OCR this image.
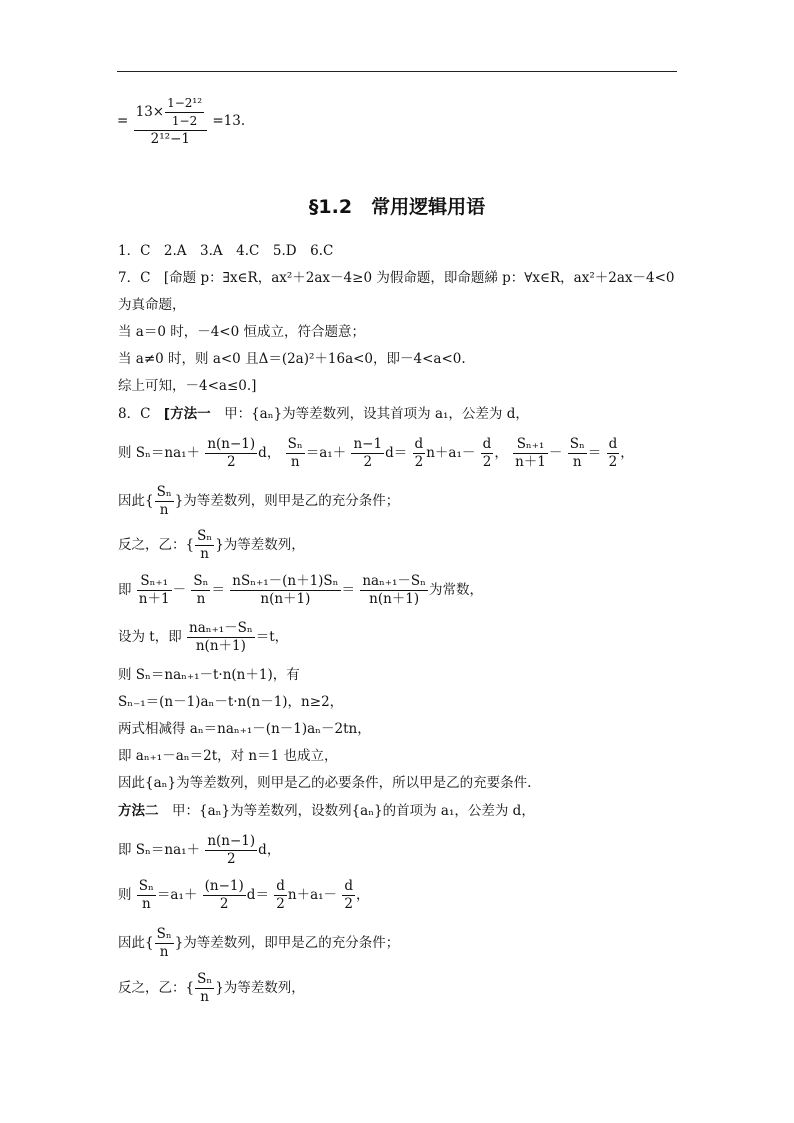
= $\frac{13\times \frac{\text{1−2¹²}}{1-2}}{\text{2¹²−1}} =13$.
§1.2　常用逻辑用语
1．C　2.A　3.A　4.C　5.D　6.C
7．C　[命题 p：∃x∈R，ax²＋2ax－4≥0 为假命题，即命题綈 p：∀x∈R，ax²＋2ax－4<0
为真命题，
当 a＝0 时，－4<0 恒成立，符合题意；
当 a≠0 时，则 a<0 且Δ＝(2a)²＋16a<0，即－4<a<0.
综上可知，－4<a≤0.]
8．C　[方法一　甲：{aₙ}为等差数列，设其首项为 a₁，公差为 d，
则 $S_n=na_1+ \frac{n(n-1)}{2}$ d， $\frac{\text{Sₙ}}{n} =a_1+ \frac{n-1}{2} d= \frac{d}{2} n+a_1- \frac{d}{2}$ ， $\frac{\text{Sₙ₊₁}}{n+1} - \frac{\text{Sₙ}}{n} = \frac{d}{2}$ ，
因此{ $\frac{\text{Sₙ}}{n}$ }为等差数列，则甲是乙的充分条件；
反之，乙：{ $\frac{\text{Sₙ}}{n}$ }为等差数列，
即 $\frac{\text{Sₙ₊₁}}{n+1} - \frac{\text{Sₙ}}{n}$ ＝
nSₙ₊₁－(n＋1)Sₙ
n(n＋1)
＝
naₙ₊₁－Sₙ
n(n＋1)
为常数，
设为 t，即
naₙ₊₁－Sₙ
n(n＋1)
＝t，
则 Sₙ＝naₙ₊₁－t·n(n＋1)，有
Sₙ₋₁＝(n－1)aₙ－t·n(n－1)，n≥2，
两式相减得 aₙ＝naₙ₊₁－(n－1)aₙ－2tn，
即 aₙ₊₁－aₙ＝2t，对 n＝1 也成立，
因此{aₙ}为等差数列，则甲是乙的必要条件，所以甲是乙的充要条件.
方法二　甲：{aₙ}为等差数列，设数列{aₙ}的首项为 a₁，公差为 d，
即 $S_n=na_1+ \frac{n(n-1)}{2}$ d，
则 $\frac{\text{Sₙ}}{n} =a_1+ \frac{(n-1)}{2} d= \frac{d}{2} n+a_1- \frac{d}{2}$ ，
因此{ $\frac{\text{Sₙ}}{n}$ }为等差数列，即甲是乙的充分条件；
反之，乙：{ $\frac{\text{Sₙ}}{n}$ }为等差数列，
